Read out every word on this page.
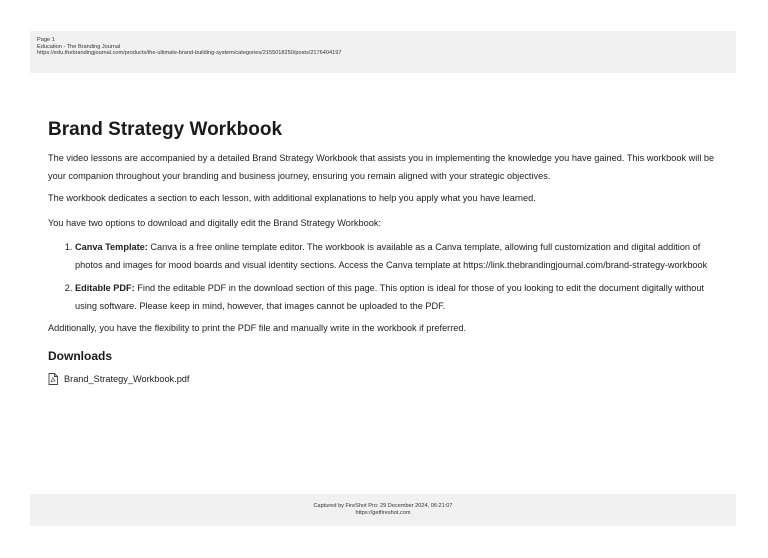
Page 1
Education - The Branding Journal
https://edu.thebrandingjournal.com/products/the-ultimate-brand-building-system/categories/2155018250/posts/2176404197
Brand Strategy Workbook

The video lessons are accompanied by a detailed Brand Strategy Workbook that assists you in implementing the knowledge you have gained. This workbook will be your companion throughout your branding and business journey, ensuring you remain aligned with your strategic objectives.

The workbook dedicates a section to each lesson, with additional explanations to help you apply what you have learned.

You have two options to download and digitally edit the Brand Strategy Workbook:

1. Canva Template: Canva is a free online template editor. The workbook is available as a Canva template, allowing full customization and digital addition of photos and images for mood boards and visual identity sections. Access the Canva template at https://link.thebrandingjournal.com/brand-strategy-workbook
2. Editable PDF: Find the editable PDF in the download section of this page. This option is ideal for those of you looking to edit the document digitally without using software. Please keep in mind, however, that images cannot be uploaded to the PDF.

Additionally, you have the flexibility to print the PDF file and manually write in the workbook if preferred.

Downloads
Brand_Strategy_Workbook.pdf
Captured by FireShot Pro: 29 December 2024, 06:21:07
https://getfireshot.com
